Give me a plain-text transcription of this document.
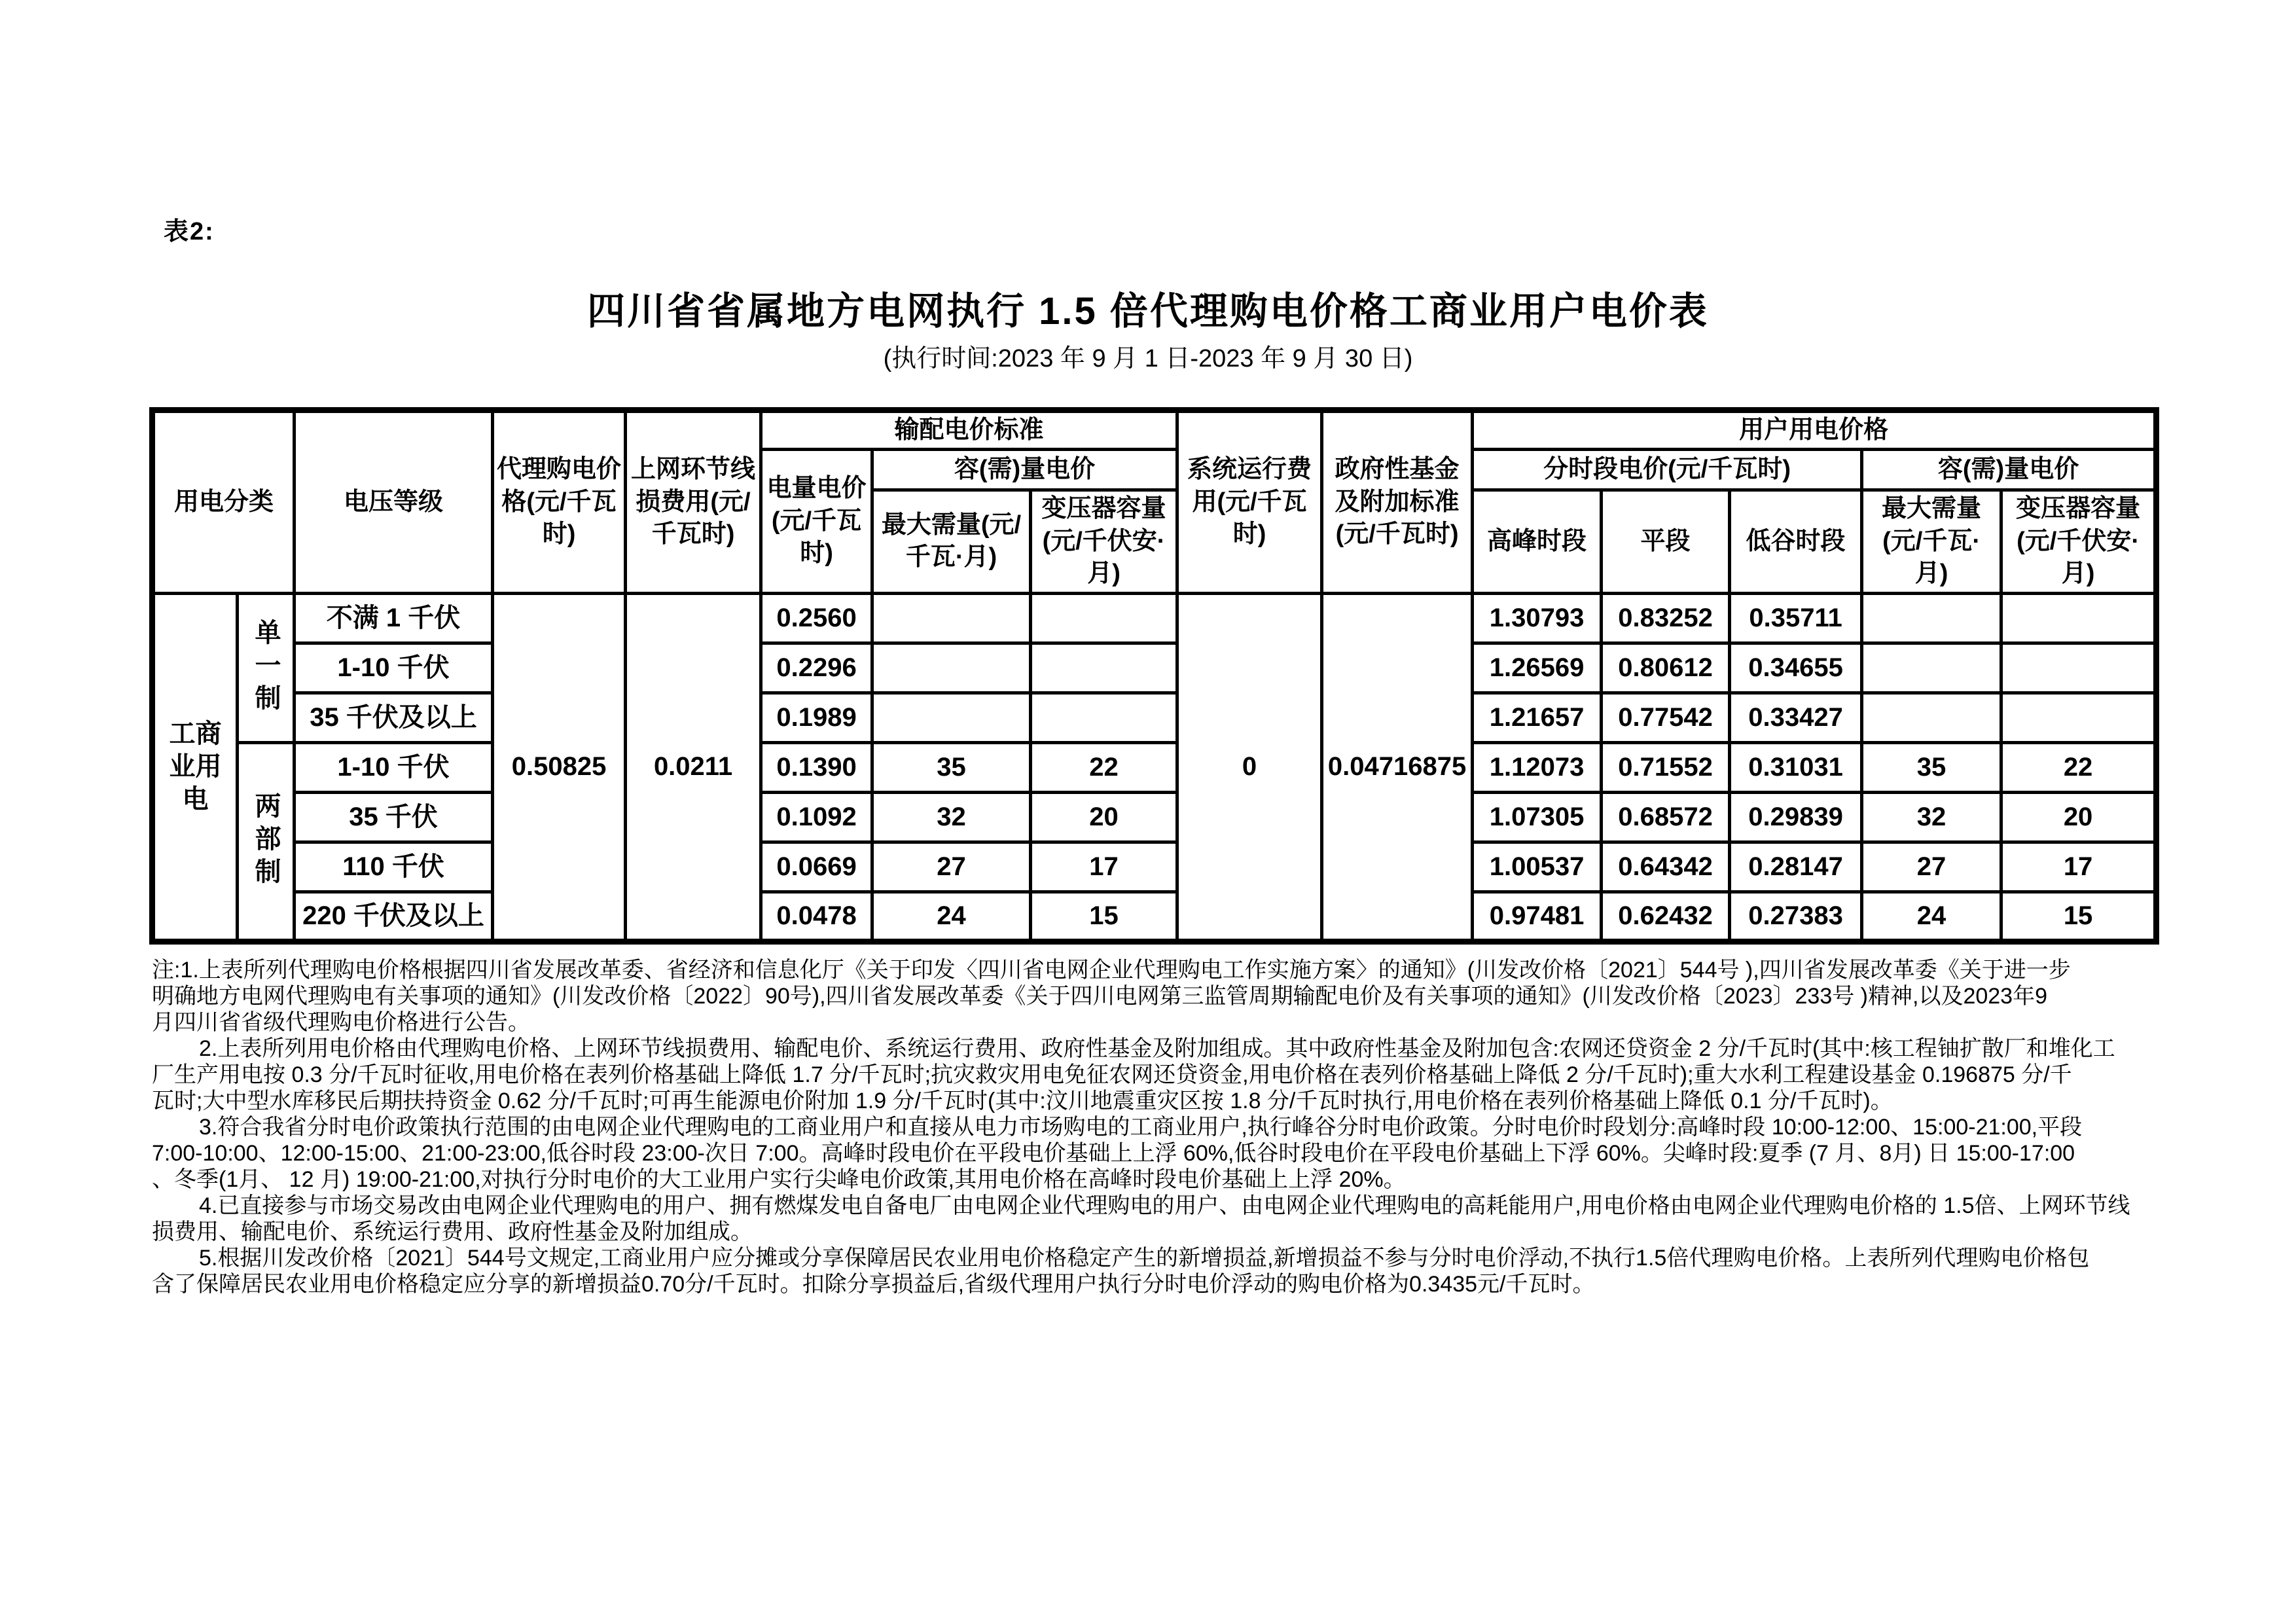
表2:
四川省省属地方电网执行 1.5 倍代理购电价格工商业用户电价表
(执行时间:2023 年 9 月 1 日-2023 年 9 月 30 日)
用电分类		电压等级	代理购电价格(元/千瓦时)	上网环节线损费用(元/千瓦时)	输配电价标准			系统运行费用(元/千瓦时)	政府性基金及附加标准(元/千瓦时)	用户用电价格				
					电量电价(元/千瓦时)	容(需)量电价				分时段电价(元/千瓦时)			容(需)量电价	
						最大需量(元/千瓦·月)	变压器容量(元/千伏安·月)			高峰时段	平段	低谷时段	最大需量(元/千瓦·月)	变压器容量(元/千伏安·月)
工商业用电	单一制	不满 1 千伏	0.50825	0.0211	0.2560			0	0.04716875	1.30793	0.83252	0.35711		
		1-10 千伏			0.2296					1.26569	0.80612	0.34655		
		35 千伏及以上			0.1989					1.21657	0.77542	0.33427		
	两部制	1-10 千伏			0.1390	35	22			1.12073	0.71552	0.31031	35	22
		35 千伏			0.1092	32	20			1.07305	0.68572	0.29839	32	20
		110 千伏			0.0669	27	17			1.00537	0.64342	0.28147	27	17
		220 千伏及以上			0.0478	24	15			0.97481	0.62432	0.27383	24	15
注:1.上表所列代理购电价格根据四川省发展改革委、省经济和信息化厅《关于印发〈四川省电网企业代理购电工作实施方案〉的通知》(川发改价格〔2021〕544号 ),四川省发展改革委《关于进一步
明确地方电网代理购电有关事项的通知》(川发改价格〔2022〕90号),四川省发展改革委《关于四川电网第三监管周期输配电价及有关事项的通知》(川发改价格〔2023〕233号 )精神,以及2023年9
月四川省省级代理购电价格进行公告。
2.上表所列用电价格由代理购电价格、上网环节线损费用、输配电价、系统运行费用、政府性基金及附加组成。其中政府性基金及附加包含:农网还贷资金 2 分/千瓦时(其中:核工程铀扩散厂和堆化工
厂生产用电按 0.3 分/千瓦时征收,用电价格在表列价格基础上降低 1.7 分/千瓦时;抗灾救灾用电免征农网还贷资金,用电价格在表列价格基础上降低 2 分/千瓦时);重大水利工程建设基金 0.196875 分/千
瓦时;大中型水库移民后期扶持资金 0.62 分/千瓦时;可再生能源电价附加 1.9 分/千瓦时(其中:汶川地震重灾区按 1.8 分/千瓦时执行,用电价格在表列价格基础上降低 0.1 分/千瓦时)。
3.符合我省分时电价政策执行范围的由电网企业代理购电的工商业用户和直接从电力市场购电的工商业用户,执行峰谷分时电价政策。分时电价时段划分:高峰时段 10:00-12:00、15:00-21:00,平段
7:00-10:00、12:00-15:00、21:00-23:00,低谷时段 23:00-次日 7:00。高峰时段电价在平段电价基础上上浮 60%,低谷时段电价在平段电价基础上下浮 60%。尖峰时段:夏季 (7 月、8月) 日 15:00-17:00
、冬季(1月、 12 月) 19:00-21:00,对执行分时电价的大工业用户实行尖峰电价政策,其用电价格在高峰时段电价基础上上浮 20%。
4.已直接参与市场交易改由电网企业代理购电的用户、拥有燃煤发电自备电厂由电网企业代理购电的用户、由电网企业代理购电的高耗能用户,用电价格由电网企业代理购电价格的 1.5倍、上网环节线
损费用、输配电价、系统运行费用、政府性基金及附加组成。
5.根据川发改价格〔2021〕544号文规定,工商业用户应分摊或分享保障居民农业用电价格稳定产生的新增损益,新增损益不参与分时电价浮动,不执行1.5倍代理购电价格。上表所列代理购电价格包
含了保障居民农业用电价格稳定应分享的新增损益0.70分/千瓦时。扣除分享损益后,省级代理用户执行分时电价浮动的购电价格为0.3435元/千瓦时。
